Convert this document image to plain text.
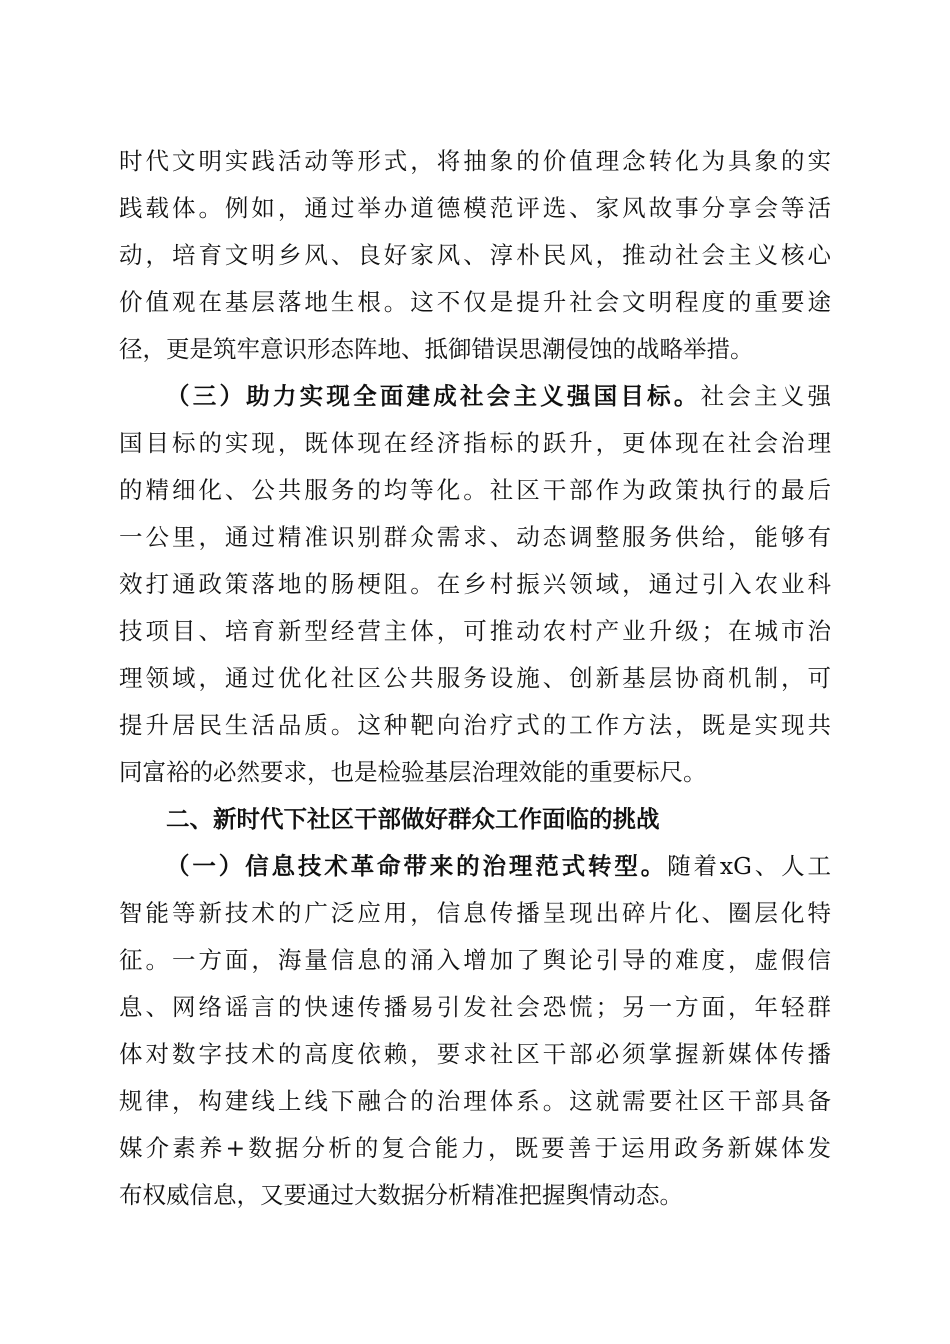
时代文明实践活动等形式，将抽象的价值理念转化为具象的实
践载体。例如，通过举办道德模范评选、家风故事分享会等活
动，培育文明乡风、良好家风、淳朴民风，推动社会主义核心
价值观在基层落地生根。这不仅是提升社会文明程度的重要途
径，更是筑牢意识形态阵地、抵御错误思潮侵蚀的战略举措。
（三）助力实现全面建成社会主义强国目标。社会主义强
国目标的实现，既体现在经济指标的跃升，更体现在社会治理
的精细化、公共服务的均等化。社区干部作为政策执行的最后
一公里，通过精准识别群众需求、动态调整服务供给，能够有
效打通政策落地的肠梗阻。在乡村振兴领域，通过引入农业科
技项目、培育新型经营主体，可推动农村产业升级；在城市治
理领域，通过优化社区公共服务设施、创新基层协商机制，可
提升居民生活品质。这种靶向治疗式的工作方法，既是实现共
同富裕的必然要求，也是检验基层治理效能的重要标尺。
二、新时代下社区干部做好群众工作面临的挑战
（一）信息技术革命带来的治理范式转型。随着xG、人工
智能等新技术的广泛应用，信息传播呈现出碎片化、圈层化特
征。一方面，海量信息的涌入增加了舆论引导的难度，虚假信
息、网络谣言的快速传播易引发社会恐慌；另一方面，年轻群
体对数字技术的高度依赖，要求社区干部必须掌握新媒体传播
规律，构建线上线下融合的治理体系。这就需要社区干部具备
媒介素养+数据分析的复合能力，既要善于运用政务新媒体发
布权威信息，又要通过大数据分析精准把握舆情动态。
